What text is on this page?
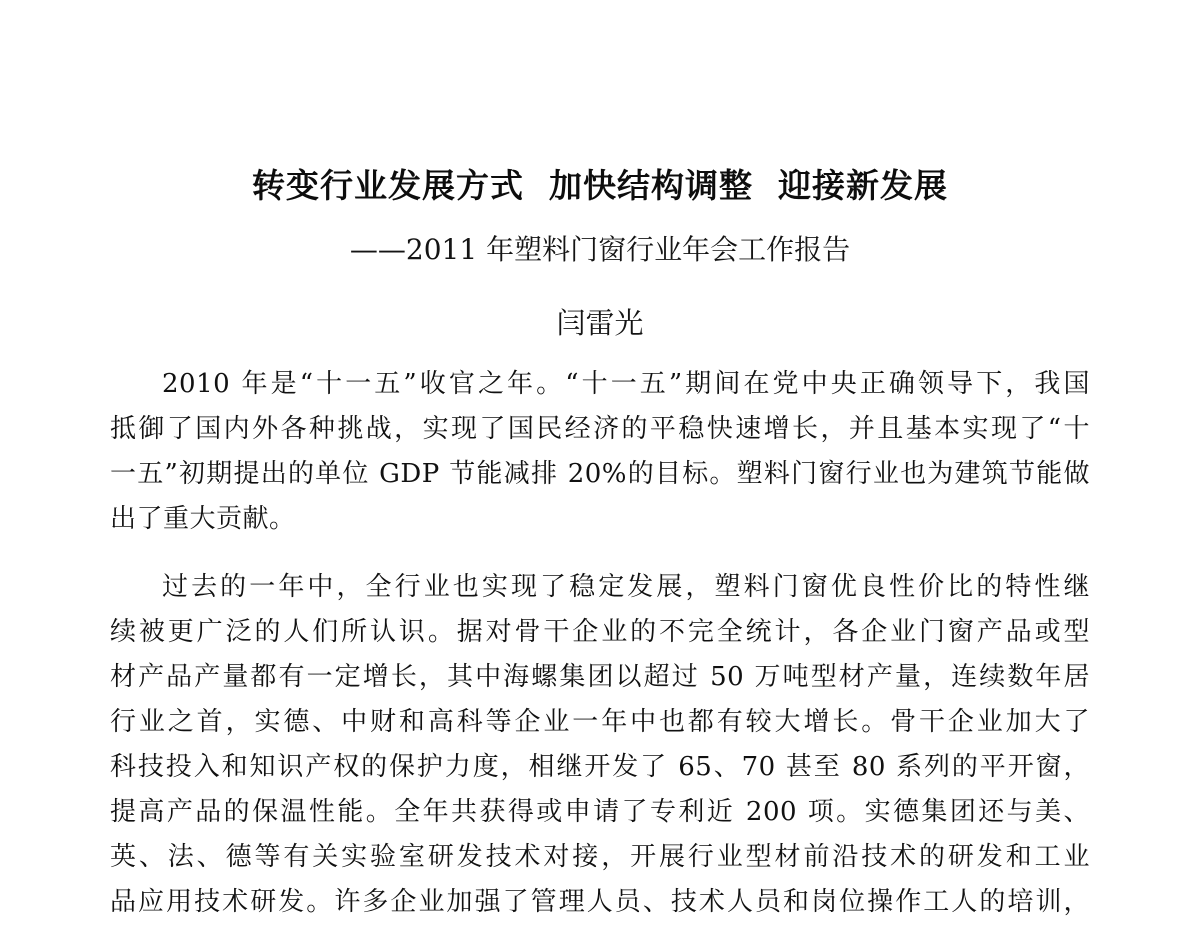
转变行业发展方式  加快结构调整  迎接新发展
——2011 年塑料门窗行业年会工作报告
闫雷光
2010 年是“十一五”收官之年。“十一五”期间在党中央正确领导下，我国
抵御了国内外各种挑战，实现了国民经济的平稳快速增长，并且基本实现了“十
一五”初期提出的单位 GDP 节能减排 20%的目标。塑料门窗行业也为建筑节能做
出了重大贡献。
过去的一年中，全行业也实现了稳定发展，塑料门窗优良性价比的特性继
续被更广泛的人们所认识。据对骨干企业的不完全统计，各企业门窗产品或型
材产品产量都有一定增长，其中海螺集团以超过 50 万吨型材产量，连续数年居
行业之首，实德、中财和高科等企业一年中也都有较大增长。骨干企业加大了
科技投入和知识产权的保护力度，相继开发了 65、70 甚至 80 系列的平开窗，
提高产品的保温性能。全年共获得或申请了专利近 200 项。实德集团还与美、
英、法、德等有关实验室研发技术对接，开展行业型材前沿技术的研发和工业
品应用技术研发。许多企业加强了管理人员、技术人员和岗位操作工人的培训，
